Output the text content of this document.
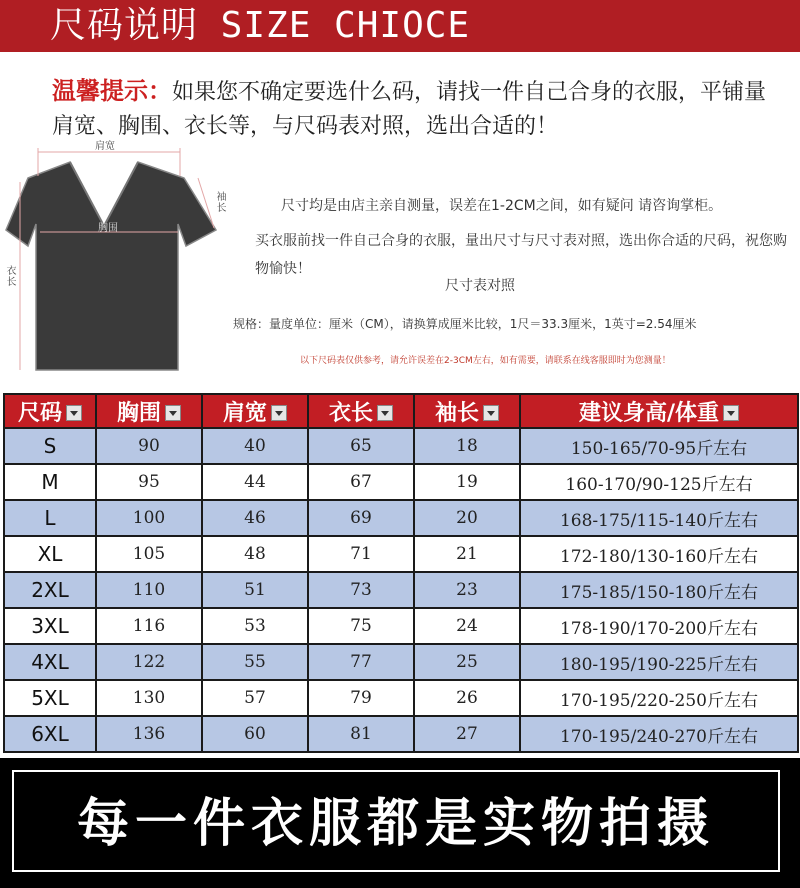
尺码说明 SIZE CHIOCE
温馨提示：如果您不确定要选什么码，请找一件自己合身的衣服，平铺量肩宽、胸围、衣长等，与尺码表对照，选出合适的！
肩宽
胸围
袖长
衣长
尺寸均是由店主亲自测量，误差在1-2CM之间，如有疑问 请咨询掌柜。
买衣服前找一件自己合身的衣服，量出尺寸与尺寸表对照，选出你合适的尺码，祝您购物愉快！
尺寸表对照
规格：量度单位：厘米（CM），请换算成厘米比较，1尺＝33.3厘米，1英寸=2.54厘米
以下尺码表仅供参考，请允许误差在2-3CM左右，如有需要，请联系在线客服即时为您测量！
尺码	胸围	肩宽	衣长	袖长	建议身高/体重
S	90	40	65	18	150-165/70-95斤左右
M	95	44	67	19	160-170/90-125斤左右
L	100	46	69	20	168-175/115-140斤左右
XL	105	48	71	21	172-180/130-160斤左右
2XL	110	51	73	23	175-185/150-180斤左右
3XL	116	53	75	24	178-190/170-200斤左右
4XL	122	55	77	25	180-195/190-225斤左右
5XL	130	57	79	26	170-195/220-250斤左右
6XL	136	60	81	27	170-195/240-270斤左右
每一件衣服都是实物拍摄
